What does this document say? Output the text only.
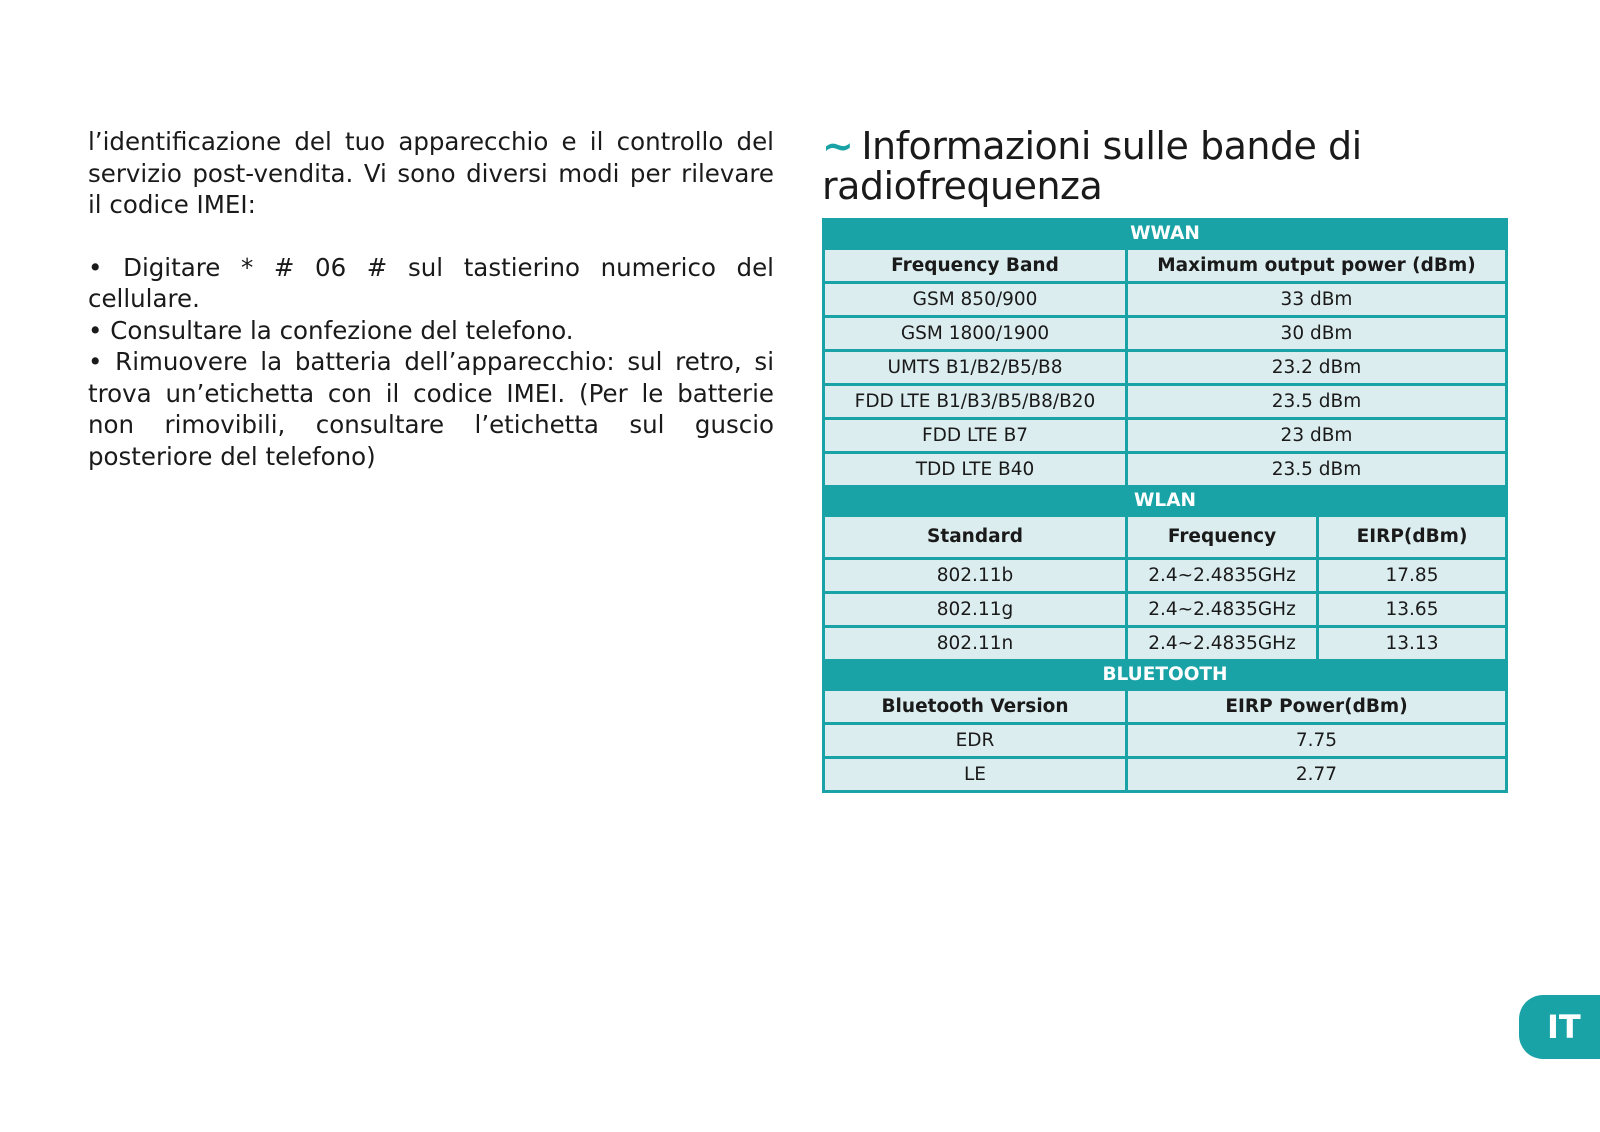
l’identificazione del tuo apparecchio e il controllo del servizio post-vendita. Vi sono diversi modi per rilevare il codice IMEI:

• Digitare * # 06 # sul tastierino numerico del cellulare.

• Consultare la confezione del telefono.

• Rimuovere la batteria dell’apparecchio: sul retro, si trova un’etichetta con il codice IMEI. (Per le batterie non rimovibili, consultare l’etichetta sul guscio posteriore del telefono)

~ Informazioni sulle bande di radiofrequenza
WWAN		
Frequency Band	Maximum output power (dBm)	
GSM 850/900	33 dBm	
GSM 1800/1900	30 dBm	
UMTS B1/B2/B5/B8	23.2 dBm	
FDD LTE B1/B3/B5/B8/B20	23.5 dBm	
FDD LTE B7	23 dBm	
TDD LTE B40	23.5 dBm	
WLAN		
Standard	Frequency	EIRP(dBm)
802.11b	2.4~2.4835GHz	17.85
802.11g	2.4~2.4835GHz	13.65
802.11n	2.4~2.4835GHz	13.13
BLUETOOTH		
Bluetooth Version	EIRP Power(dBm)	
EDR	7.75	
LE	2.77	
IT
